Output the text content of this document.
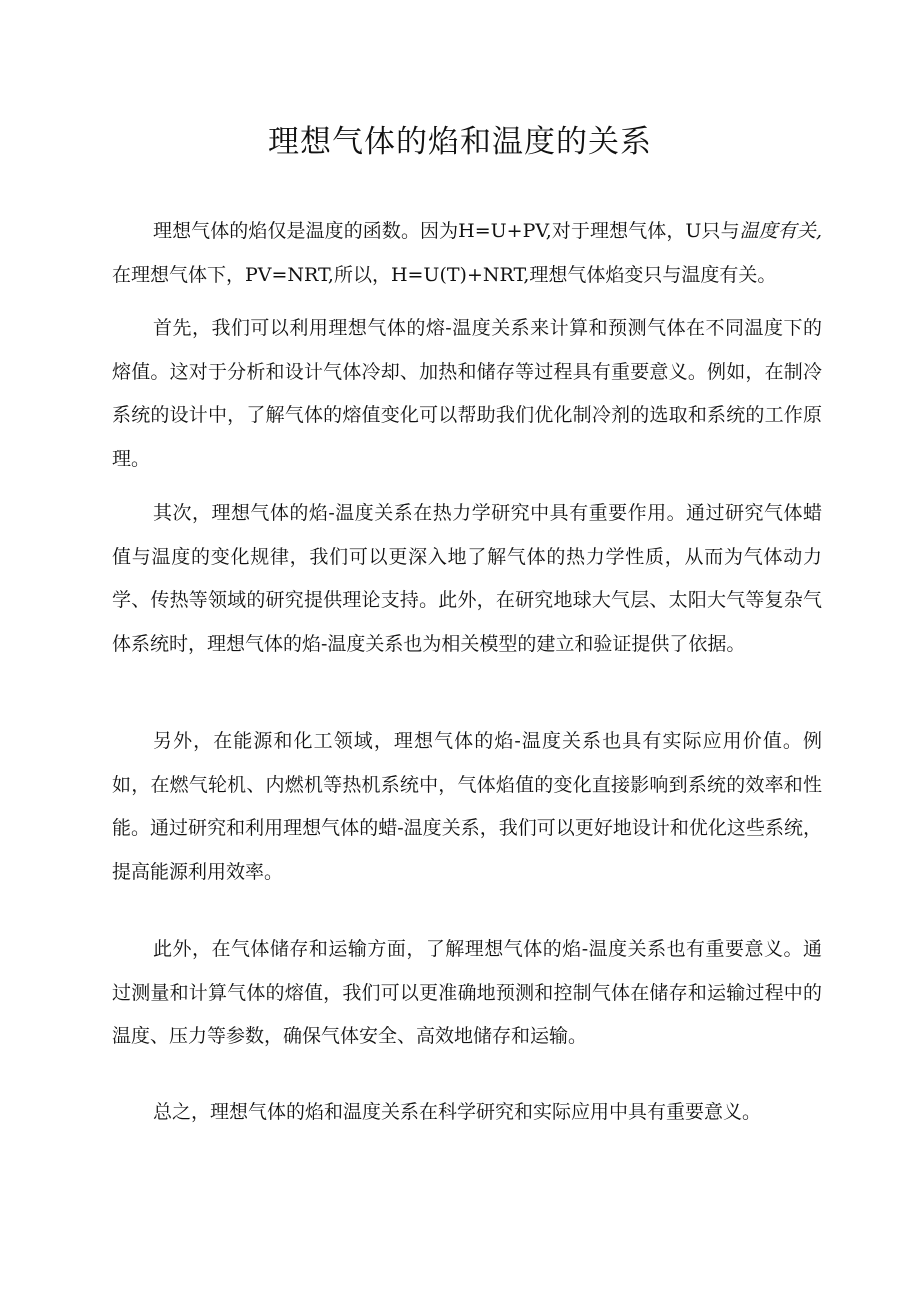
理想气体的焰和温度的关系

理想气体的焰仅是温度的函数。因为H=U+PV,对于理想气体，U只与温度有关,在理想气体下，PV=NRT,所以，H=U(T)+NRT,理想气体焰变只与温度有关。

首先，我们可以利用理想气体的熔-温度关系来计算和预测气体在不同温度下的熔值。这对于分析和设计气体冷却、加热和储存等过程具有重要意义。例如，在制冷系统的设计中，了解气体的熔值变化可以帮助我们优化制冷剂的选取和系统的工作原理。

其次，理想气体的焰-温度关系在热力学研究中具有重要作用。通过研究气体蜡值与温度的变化规律，我们可以更深入地了解气体的热力学性质，从而为气体动力学、传热等领域的研究提供理论支持。此外，在研究地球大气层、太阳大气等复杂气体系统时，理想气体的焰-温度关系也为相关模型的建立和验证提供了依据。

另外，在能源和化工领域，理想气体的焰-温度关系也具有实际应用价值。例如，在燃气轮机、内燃机等热机系统中，气体焰值的变化直接影响到系统的效率和性能。通过研究和利用理想气体的蜡-温度关系，我们可以更好地设计和优化这些系统，提高能源利用效率。

此外，在气体储存和运输方面，了解理想气体的焰-温度关系也有重要意义。通过测量和计算气体的熔值，我们可以更准确地预测和控制气体在储存和运输过程中的温度、压力等参数，确保气体安全、高效地储存和运输。

总之，理想气体的焰和温度关系在科学研究和实际应用中具有重要意义。
